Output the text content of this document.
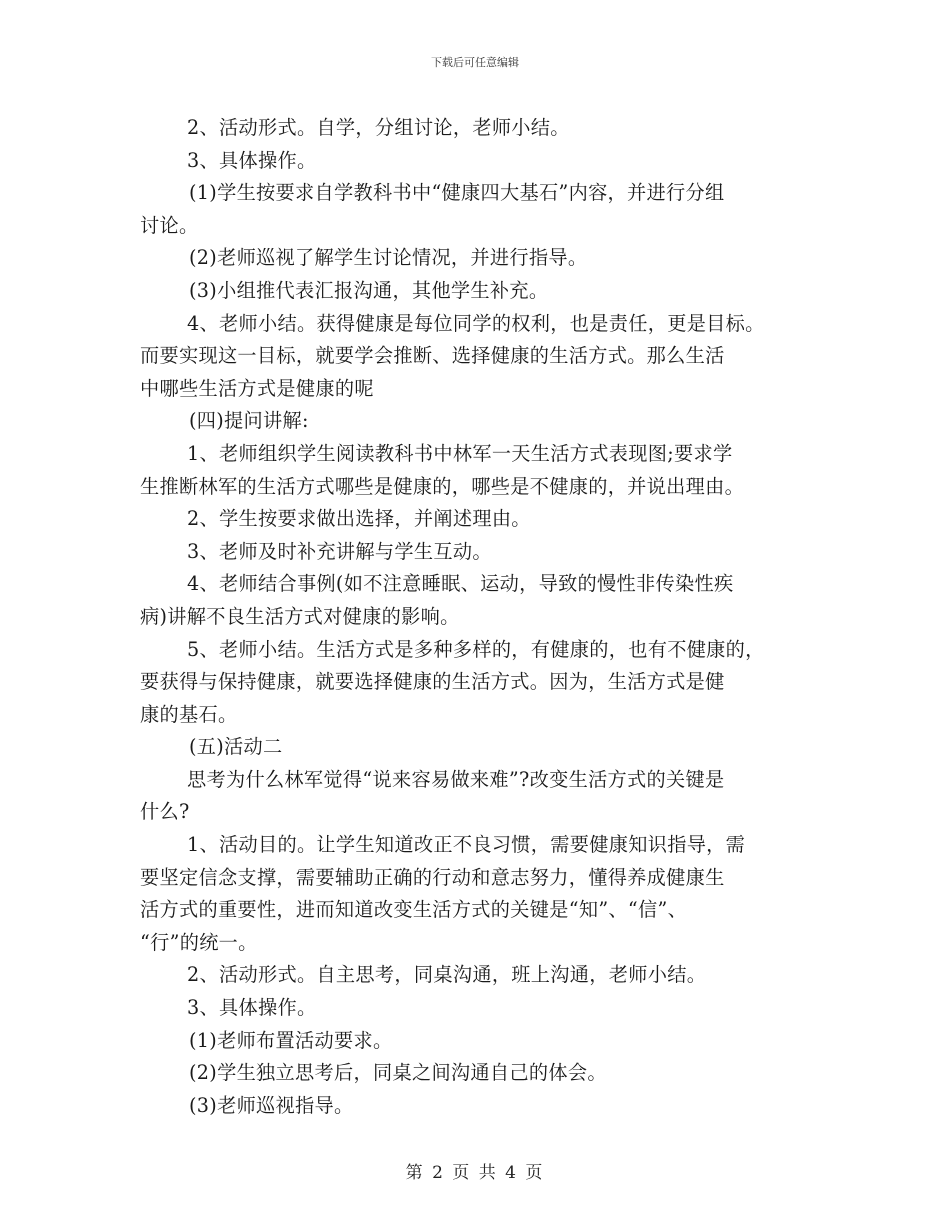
下载后可任意编辑
2、活动形式。自学，分组讨论，老师小结。
3、具体操作。
(1)学生按要求自学教科书中“健康四大基石”内容，并进行分组
讨论。
(2)老师巡视了解学生讨论情况，并进行指导。
(3)小组推代表汇报沟通，其他学生补充。
4、老师小结。获得健康是每位同学的权利，也是责任，更是目标。
而要实现这一目标，就要学会推断、选择健康的生活方式。那么生活
中哪些生活方式是健康的呢
(四)提问讲解:
1、老师组织学生阅读教科书中林军一天生活方式表现图;要求学
生推断林军的生活方式哪些是健康的，哪些是不健康的，并说出理由。
2、学生按要求做出选择，并阐述理由。
3、老师及时补充讲解与学生互动。
4、老师结合事例(如不注意睡眠、运动，导致的慢性非传染性疾
病)讲解不良生活方式对健康的影响。
5、老师小结。生活方式是多种多样的，有健康的，也有不健康的，
要获得与保持健康，就要选择健康的生活方式。因为，生活方式是健
康的基石。
(五)活动二
思考为什么林军觉得“说来容易做来难”?改变生活方式的关键是
什么?
1、活动目的。让学生知道改正不良习惯，需要健康知识指导，需
要坚定信念支撑，需要辅助正确的行动和意志努力，懂得养成健康生
活方式的重要性，进而知道改变生活方式的关键是“知”、“信”、
“行”的统一。
2、活动形式。自主思考，同桌沟通，班上沟通，老师小结。
3、具体操作。
(1)老师布置活动要求。
(2)学生独立思考后，同桌之间沟通自己的体会。
(3)老师巡视指导。
第 2 页 共 4 页
